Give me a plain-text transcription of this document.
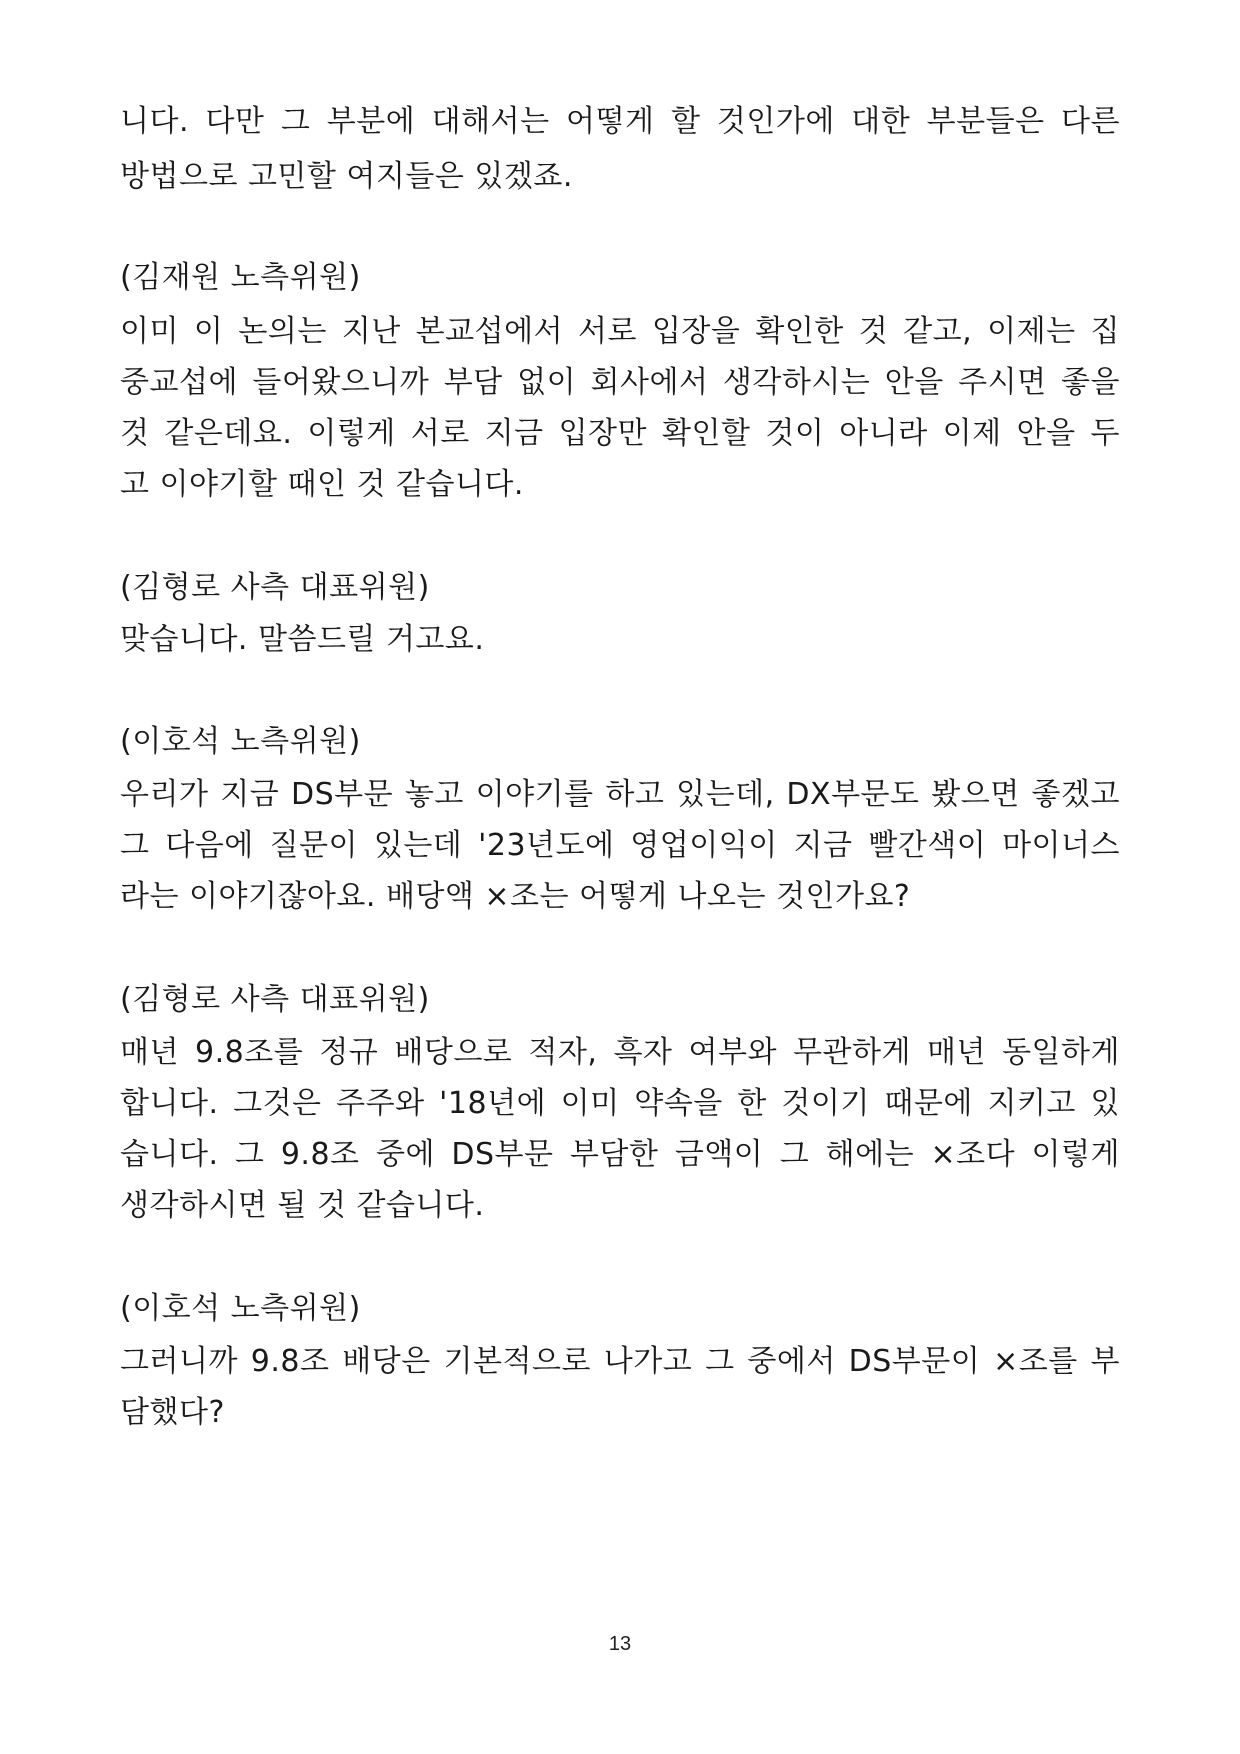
니다. 다만 그 부분에 대해서는 어떻게 할 것인가에 대한 부분들은 다른
방법으로 고민할 여지들은 있겠죠.
(김재원 노측위원)
이미 이 논의는 지난 본교섭에서 서로 입장을 확인한 것 같고, 이제는 집
중교섭에 들어왔으니까 부담 없이 회사에서 생각하시는 안을 주시면 좋을
것 같은데요. 이렇게 서로 지금 입장만 확인할 것이 아니라 이제 안을 두
고 이야기할 때인 것 같습니다.
(김형로 사측 대표위원)
맞습니다. 말씀드릴 거고요.
(이호석 노측위원)
우리가 지금 DS부문 놓고 이야기를 하고 있는데, DX부문도 봤으면 좋겠고
그 다음에 질문이 있는데 '23년도에 영업이익이 지금 빨간색이 마이너스
라는 이야기잖아요. 배당액 ×조는 어떻게 나오는 것인가요?
(김형로 사측 대표위원)
매년 9.8조를 정규 배당으로 적자, 흑자 여부와 무관하게 매년 동일하게
합니다. 그것은 주주와 '18년에 이미 약속을 한 것이기 때문에 지키고 있
습니다. 그 9.8조 중에 DS부문 부담한 금액이 그 해에는 ×조다 이렇게
생각하시면 될 것 같습니다.
(이호석 노측위원)
그러니까 9.8조 배당은 기본적으로 나가고 그 중에서 DS부문이 ×조를 부
담했다?
13
